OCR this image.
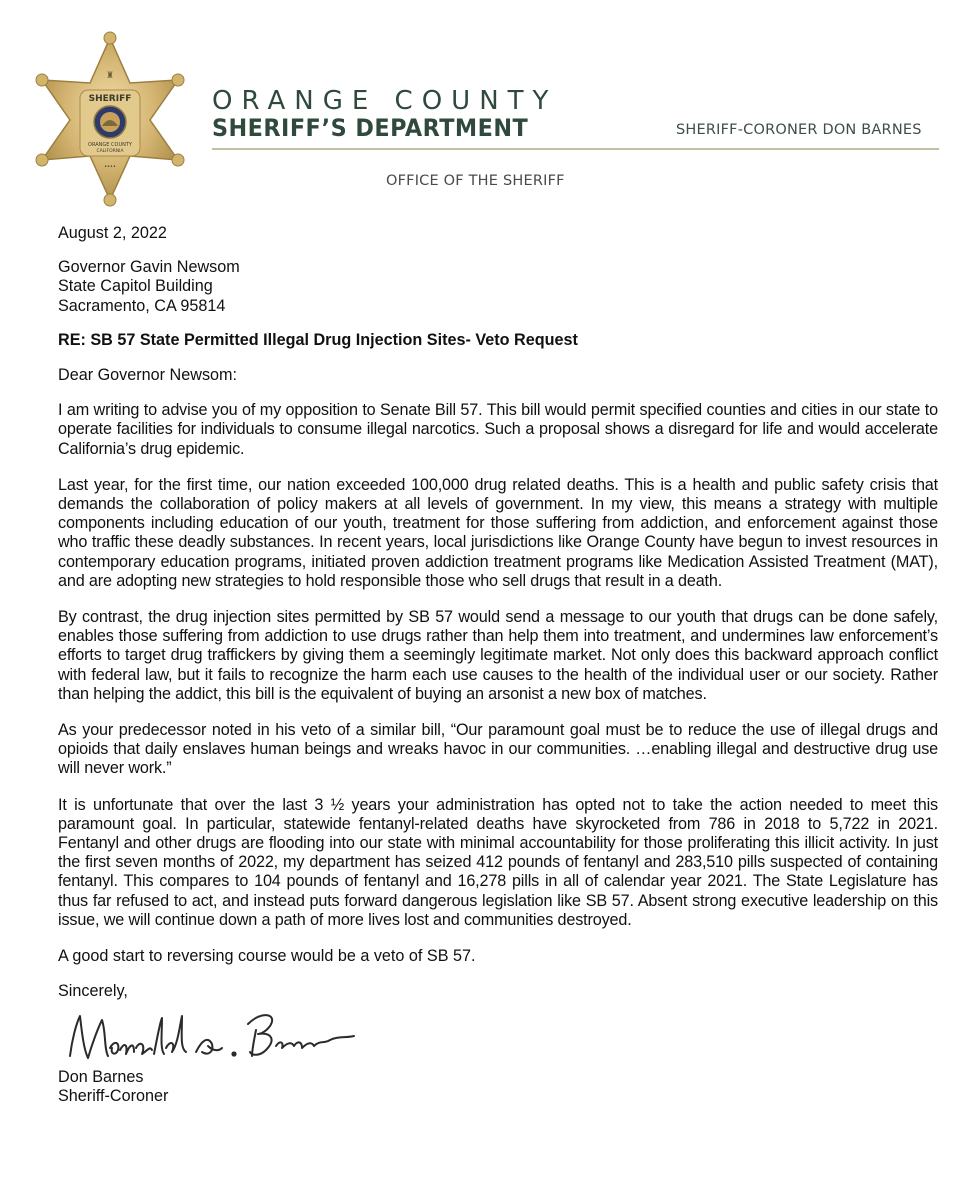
SHERIFF
ORANGE COUNTY
CALIFORNIA
••••
♜
ORANGE COUNTY
SHERIFF’S DEPARTMENT	SHERIFF-CORONER DON BARNES
OFFICE OF THE SHERIFF

August 2, 2022

Governor Gavin Newsom

State Capitol Building

Sacramento, CA 95814

RE: SB 57 State Permitted Illegal Drug Injection Sites- Veto Request

Dear Governor Newsom:

I am writing to advise you of my opposition to Senate Bill 57. This bill would permit specified counties and cities in our state to operate facilities for individuals to consume illegal narcotics. Such a proposal shows a disregard for life and would accelerate California’s drug epidemic.

Last year, for the first time, our nation exceeded 100,000 drug related deaths. This is a health and public safety crisis that demands the collaboration of policy makers at all levels of government. In my view, this means a strategy with multiple components including education of our youth, treatment for those suffering from addiction, and enforcement against those who traffic these deadly substances. In recent years, local jurisdictions like Orange County have begun to invest resources in contemporary education programs, initiated proven addiction treatment programs like Medication Assisted Treatment (MAT), and are adopting new strategies to hold responsible those who sell drugs that result in a death.

By contrast, the drug injection sites permitted by SB 57 would send a message to our youth that drugs can be done safely, enables those suffering from addiction to use drugs rather than help them into treatment, and undermines law enforcement’s efforts to target drug traffickers by giving them a seemingly legitimate market. Not only does this backward approach conflict with federal law, but it fails to recognize the harm each use causes to the health of the individual user or our society. Rather than helping the addict, this bill is the equivalent of buying an arsonist a new box of matches.

As your predecessor noted in his veto of a similar bill, “Our paramount goal must be to reduce the use of illegal drugs and opioids that daily enslaves human beings and wreaks havoc in our communities. …enabling illegal and destructive drug use will never work.”

It is unfortunate that over the last 3 ½ years your administration has opted not to take the action needed to meet this paramount goal. In particular, statewide fentanyl-related deaths have skyrocketed from 786 in 2018 to 5,722 in 2021. Fentanyl and other drugs are flooding into our state with minimal accountability for those proliferating this illicit activity. In just the first seven months of 2022, my department has seized 412 pounds of fentanyl and 283,510 pills suspected of containing fentanyl. This compares to 104 pounds of fentanyl and 16,278 pills in all of calendar year 2021. The State Legislature has thus far refused to act, and instead puts forward dangerous legislation like SB 57. Absent strong executive leadership on this issue, we will continue down a path of more lives lost and communities destroyed.

A good start to reversing course would be a veto of SB 57.

Sincerely,

Don Barnes

Sheriff-Coroner
